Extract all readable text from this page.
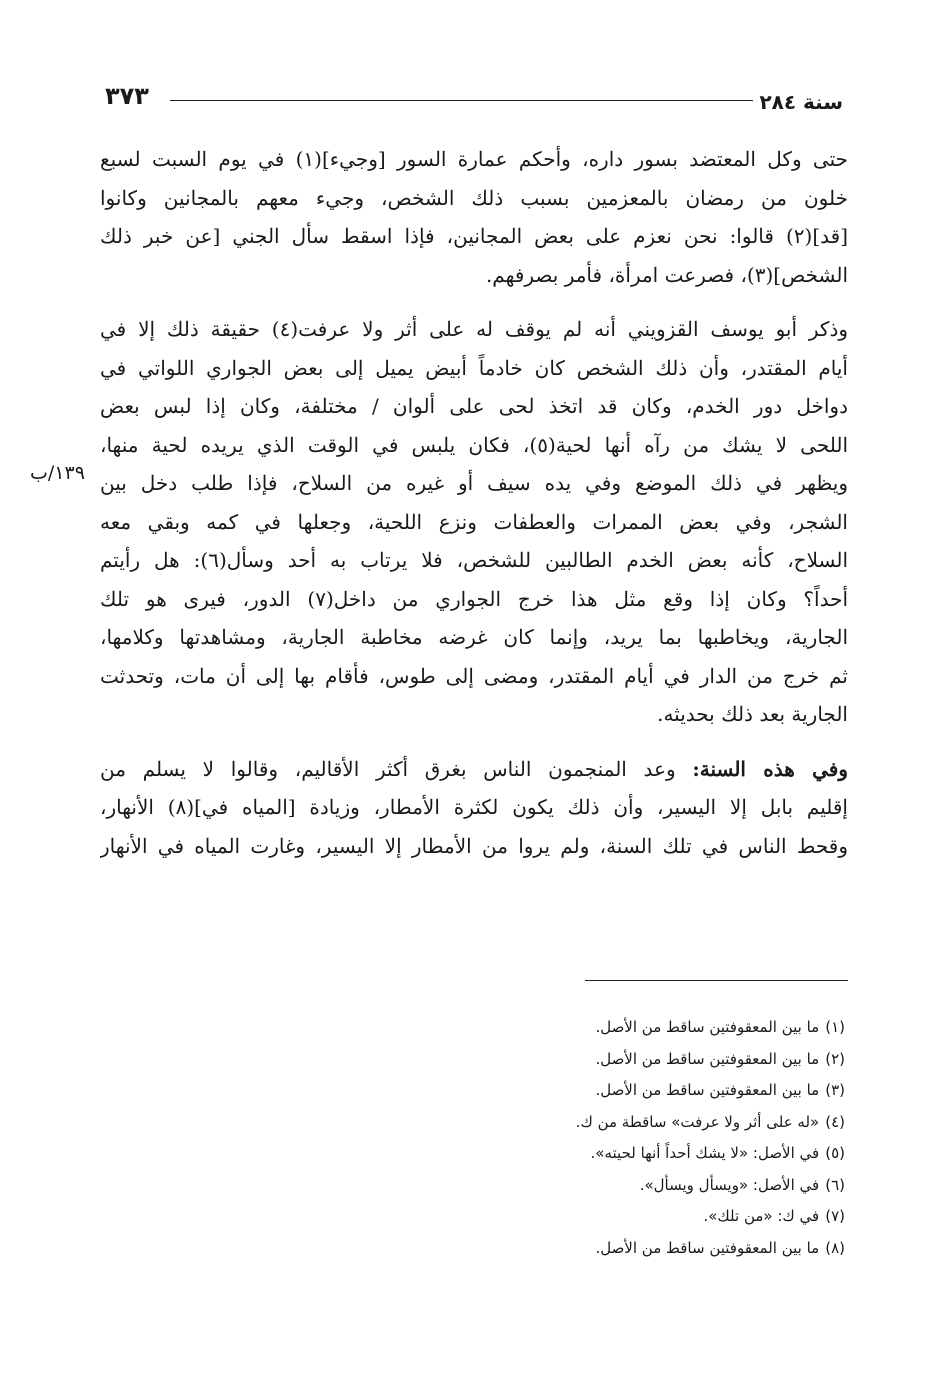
سنة ٢٨٤
٣٧٣

حتى وكل المعتضد بسور داره، وأحكم عمارة السور [وجيء](١) في يوم السبت لسبع
خلون من رمضان بالمعزمين بسبب ذلك الشخص، وجيء معهم بالمجانين وكانوا
[قد](٢) قالوا: نحن نعزم على بعض المجانين، فإذا اسقط سأل الجني [عن خبر ذلك
الشخص](٣)، فصرعت امرأة، فأمر بصرفهم.

وذكر أبو يوسف القزويني أنه لم يوقف له على أثر ولا عرفت(٤) حقيقة ذلك إلا في
أيام المقتدر، وأن ذلك الشخص كان خادماً أبيض يميل إلى بعض الجواري اللواتي في
دواخل دور الخدم، وكان قد اتخذ لحى على ألوان / مختلفة، وكان إذا لبس بعض
اللحى لا يشك من رآه أنها لحية(٥)، فكان يلبس في الوقت الذي يريده لحية منها،
ويظهر في ذلك الموضع وفي يده سيف أو غيره من السلاح، فإذا طلب دخل بين
الشجر، وفي بعض الممرات والعطفات ونزع اللحية، وجعلها في كمه وبقي معه
السلاح، كأنه بعض الخدم الطالبين للشخص، فلا يرتاب به أحد وسأل(٦): هل رأيتم
أحداً؟ وكان إذا وقع مثل هذا خرج الجواري من داخل(٧) الدور، فيرى هو تلك
الجارية، ويخاطبها بما يريد، وإنما كان غرضه مخاطبة الجارية، ومشاهدتها وكلامها،
ثم خرج من الدار في أيام المقتدر، ومضى إلى طوس، فأقام بها إلى أن مات، وتحدثت
الجارية بعد ذلك بحديثه.

وفي هذه السنة: وعد المنجمون الناس بغرق أكثر الأقاليم، وقالوا لا يسلم من
إقليم بابل إلا اليسير، وأن ذلك يكون لكثرة الأمطار، وزيادة [المياه في](٨) الأنهار،
وقحط الناس في تلك السنة، ولم يروا من الأمطار إلا اليسير، وغارت المياه في الأنهار

١٣٩/ب
(١)ما بين المعقوفتين ساقط من الأصل.
(٢)ما بين المعقوفتين ساقط من الأصل.
(٣)ما بين المعقوفتين ساقط من الأصل.
(٤)«له على أثر ولا عرفت» ساقطة من ك.
(٥)في الأصل: «لا يشك أحداً أنها لحيته».
(٦)في الأصل: «ويسأل ويسأل».
(٧)في ك: «من تلك».
(٨)ما بين المعقوفتين ساقط من الأصل.
